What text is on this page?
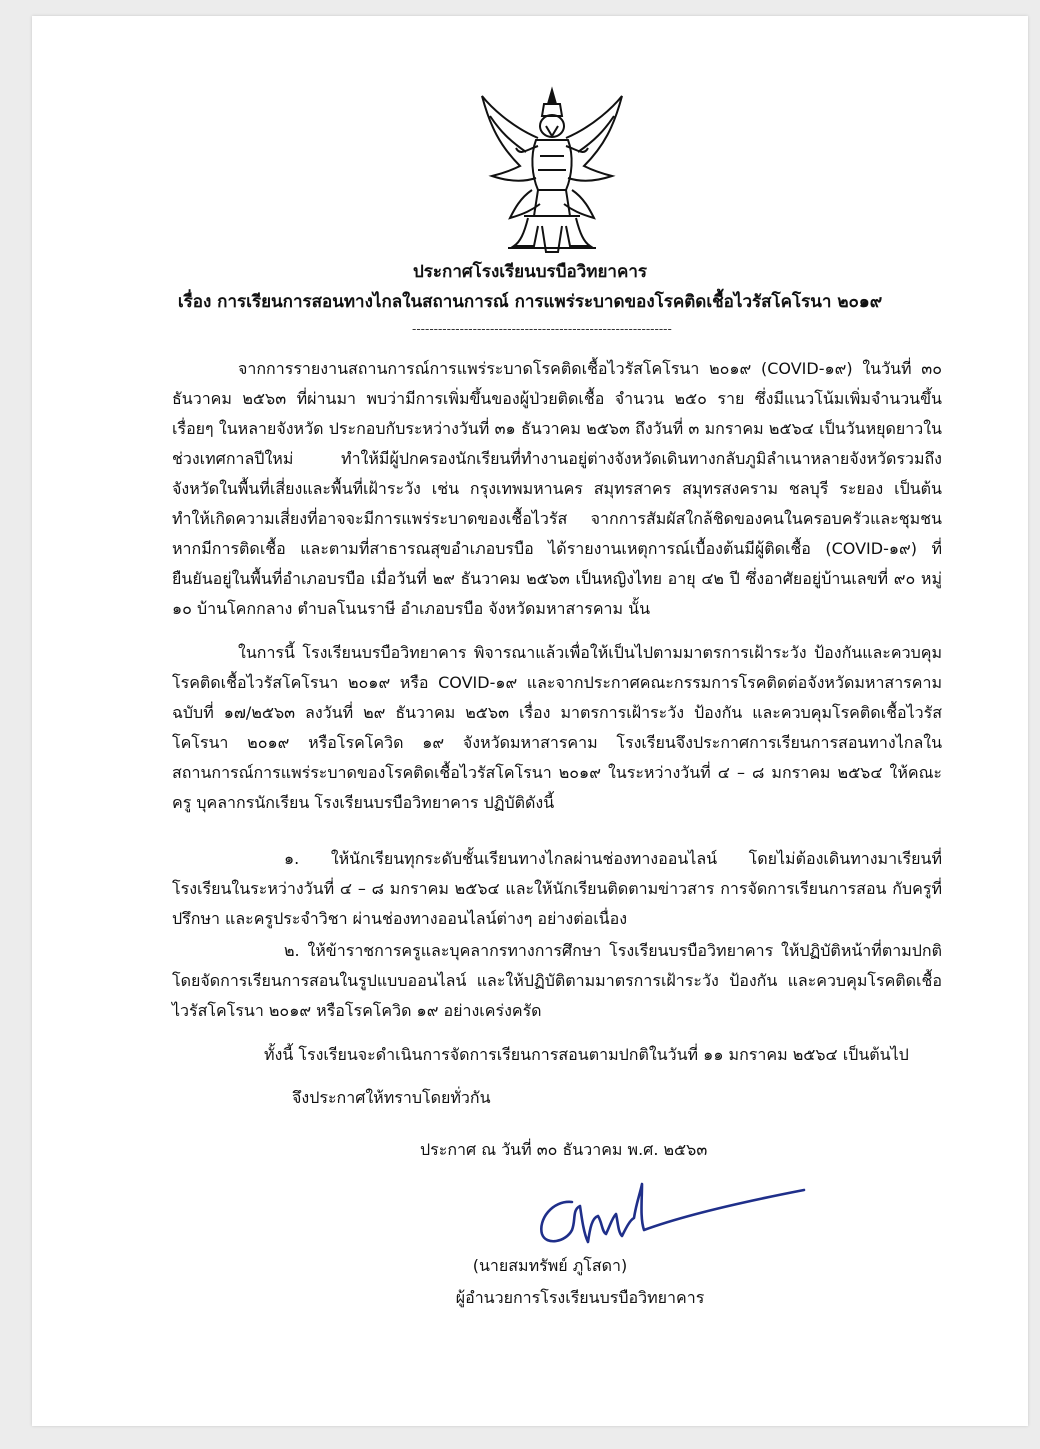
ประกาศโรงเรียนบรบือวิทยาคาร
เรื่อง การเรียนการสอนทางไกลในสถานการณ์ การแพร่ระบาดของโรคติดเชื้อไวรัสโคโรนา ๒๐๑๙
------------------------------------------------------------
จากการรายงานสถานการณ์การแพร่ระบาดโรคติดเชื้อไวรัสโคโรนา ๒๐๑๙ (COVID-๑๙) ในวันที่ ๓๐ ธันวาคม ๒๕๖๓ ที่ผ่านมา พบว่ามีการเพิ่มขึ้นของผู้ป่วยติดเชื้อ จำนวน ๒๕๐ ราย ซึ่งมีแนวโน้มเพิ่มจำนวนขึ้นเรื่อยๆ ในหลายจังหวัด ประกอบกับระหว่างวันที่ ๓๑ ธันวาคม ๒๕๖๓ ถึงวันที่ ๓ มกราคม ๒๕๖๔ เป็นวันหยุดยาวในช่วงเทศกาลปีใหม่ ทำให้มีผู้ปกครองนักเรียนที่ทำงานอยู่ต่างจังหวัดเดินทางกลับภูมิลำเนาหลายจังหวัดรวมถึงจังหวัดในพื้นที่เสี่ยงและพื้นที่เฝ้าระวัง เช่น กรุงเทพมหานคร สมุทรสาคร สมุทรสงคราม ชลบุรี ระยอง เป็นต้น ทำให้เกิดความเสี่ยงที่อาจจะมีการแพร่ระบาดของเชื้อไวรัส จากการสัมผัสใกล้ชิดของคนในครอบครัวและชุมชนหากมีการติดเชื้อ และตามที่สาธารณสุขอำเภอบรบือ ได้รายงานเหตุการณ์เบื้องต้นมีผู้ติดเชื้อ (COVID-๑๙) ที่ยืนยันอยู่ในพื้นที่อำเภอบรบือ เมื่อวันที่ ๒๙ ธันวาคม ๒๕๖๓ เป็นหญิงไทย อายุ ๔๒ ปี ซึ่งอาศัยอยู่บ้านเลขที่ ๙๐ หมู่ ๑๐ บ้านโคกกลาง ตำบลโนนราษี อำเภอบรบือ จังหวัดมหาสารคาม นั้น
ในการนี้ โรงเรียนบรบือวิทยาคาร พิจารณาแล้วเพื่อให้เป็นไปตามมาตรการเฝ้าระวัง ป้องกันและควบคุมโรคติดเชื้อไวรัสโคโรนา ๒๐๑๙ หรือ COVID-๑๙ และจากประกาศคณะกรรมการโรคติดต่อจังหวัดมหาสารคาม ฉบับที่ ๑๗/๒๕๖๓ ลงวันที่ ๒๙ ธันวาคม ๒๕๖๓ เรื่อง มาตรการเฝ้าระวัง ป้องกัน และควบคุมโรคติดเชื้อไวรัสโคโรนา ๒๐๑๙ หรือโรคโควิด ๑๙ จังหวัดมหาสารคาม โรงเรียนจึงประกาศการเรียนการสอนทางไกลในสถานการณ์การแพร่ระบาดของโรคติดเชื้อไวรัสโคโรนา ๒๐๑๙ ในระหว่างวันที่ ๔ – ๘ มกราคม ๒๕๖๔ ให้คณะครู บุคลากรนักเรียน โรงเรียนบรบือวิทยาคาร ปฏิบัติดังนี้
๑. ให้นักเรียนทุกระดับชั้นเรียนทางไกลผ่านช่องทางออนไลน์ โดยไม่ต้องเดินทางมาเรียนที่โรงเรียนในระหว่างวันที่ ๔ – ๘ มกราคม ๒๕๖๔ และให้นักเรียนติดตามข่าวสาร การจัดการเรียนการสอน กับครูที่ปรึกษา และครูประจำวิชา ผ่านช่องทางออนไลน์ต่างๆ อย่างต่อเนื่อง
๒. ให้ข้าราชการครูและบุคลากรทางการศึกษา โรงเรียนบรบือวิทยาคาร ให้ปฏิบัติหน้าที่ตามปกติโดยจัดการเรียนการสอนในรูปแบบออนไลน์ และให้ปฏิบัติตามมาตรการเฝ้าระวัง ป้องกัน และควบคุมโรคติดเชื้อไวรัสโคโรนา ๒๐๑๙ หรือโรคโควิด ๑๙ อย่างเคร่งครัด
ทั้งนี้ โรงเรียนจะดำเนินการจัดการเรียนการสอนตามปกติในวันที่ ๑๑ มกราคม ๒๕๖๔ เป็นต้นไป
จึงประกาศให้ทราบโดยทั่วกัน
ประกาศ ณ วันที่ ๓๐ ธันวาคม พ.ศ. ๒๕๖๓
(นายสมทรัพย์ ภูโสดา)
ผู้อำนวยการโรงเรียนบรบือวิทยาคาร
